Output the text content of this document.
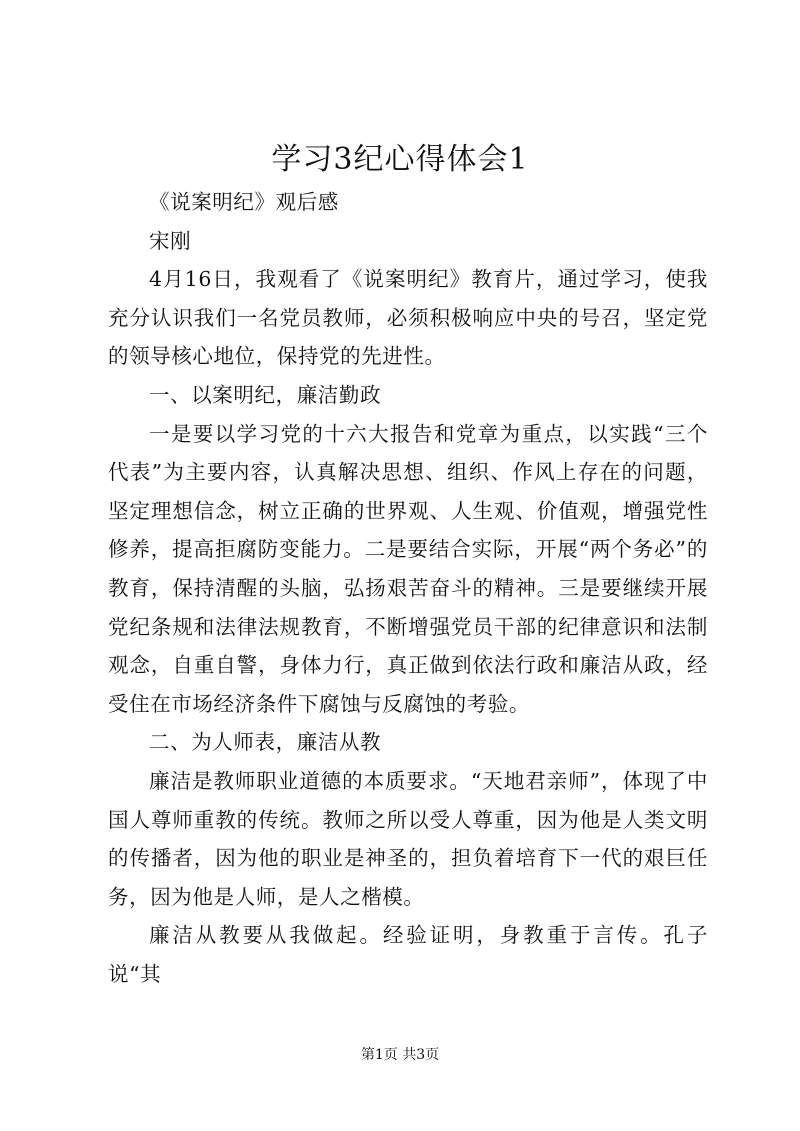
学习3纪心得体会1

《说案明纪》观后感

宋刚

4月16日，我观看了《说案明纪》教育片，通过学习，使我充分认识我们一名党员教师，必须积极响应中央的号召，坚定党的领导核心地位，保持党的先进性。

一、以案明纪，廉洁勤政

一是要以学习党的十六大报告和党章为重点，以实践“三个代表”为主要内容，认真解决思想、组织、作风上存在的问题，坚定理想信念，树立正确的世界观、人生观、价值观，增强党性修养，提高拒腐防变能力。二是要结合实际，开展“两个务必”的教育，保持清醒的头脑，弘扬艰苦奋斗的精神。三是要继续开展党纪条规和法律法规教育，不断增强党员干部的纪律意识和法制观念，自重自警，身体力行，真正做到依法行政和廉洁从政，经受住在市场经济条件下腐蚀与反腐蚀的考验。

二、为人师表，廉洁从教

廉洁是教师职业道德的本质要求。“天地君亲师”，体现了中国人尊师重教的传统。教师之所以受人尊重，因为他是人类文明的传播者，因为他的职业是神圣的，担负着培育下一代的艰巨任务，因为他是人师，是人之楷模。

廉洁从教要从我做起。经验证明，身教重于言传。孔子说“其

第1页 共3页
